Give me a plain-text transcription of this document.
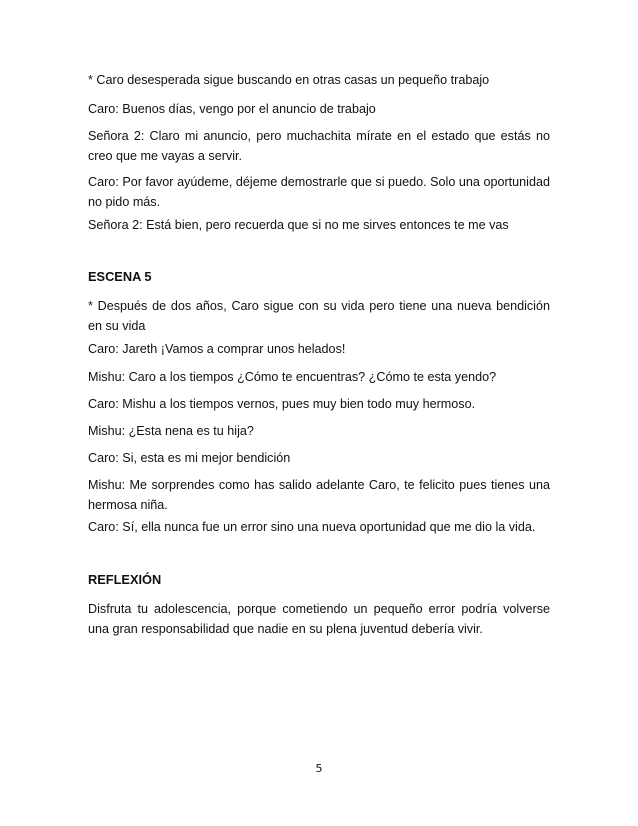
* Caro desesperada sigue buscando en otras casas un pequeño trabajo

Caro: Buenos días, vengo por el anuncio de trabajo

Señora 2: Claro mi anuncio, pero muchachita mírate en el estado que estás no creo que me vayas a servir.

Caro: Por favor ayúdeme, déjeme demostrarle que si puedo. Solo una oportunidad no pido más.

Señora 2: Está bien, pero recuerda que si no me sirves entonces te me vas

ESCENA 5

* Después de dos años, Caro sigue con su vida pero tiene una nueva bendición en su vida

Caro: Jareth ¡Vamos a comprar unos helados!

Mishu: Caro a los tiempos ¿Cómo te encuentras? ¿Cómo te esta yendo?

Caro: Mishu a los tiempos vernos, pues muy bien todo muy hermoso.

Mishu: ¿Esta nena es tu hija?

Caro: Si, esta es mi mejor bendición

Mishu: Me sorprendes como has salido adelante Caro, te felicito pues tienes una hermosa niña.

Caro: Sí, ella nunca fue un error sino una nueva oportunidad que me dio la vida.

REFLEXIÓN

Disfruta tu adolescencia, porque cometiendo un pequeño error podría volverse una gran responsabilidad que nadie en su plena juventud debería vivir.

5
